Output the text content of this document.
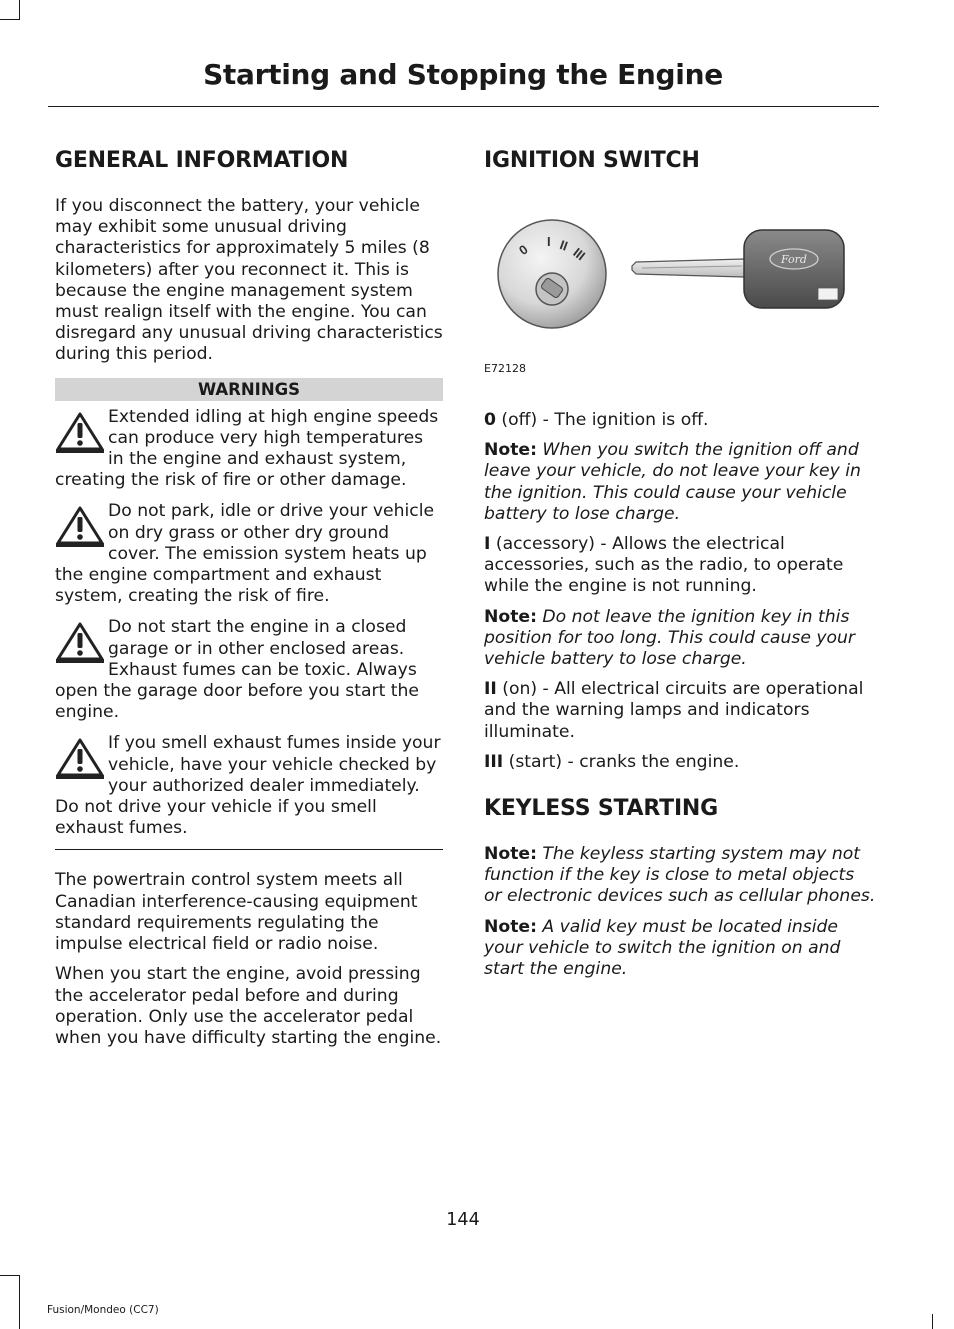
Starting and Stopping the Engine
GENERAL INFORMATION

If you disconnect the battery, your vehicle may exhibit some unusual driving characteristics for approximately 5 miles (8 kilometers) after you reconnect it. This is because the engine management system must realign itself with the engine. You can disregard any unusual driving characteristics during this period.

WARNINGS
Extended idling at high engine speeds can produce very high temperatures in the engine and exhaust system, creating the risk of fire or other damage.
Do not park, idle or drive your vehicle on dry grass or other dry ground cover. The emission system heats up the engine compartment and exhaust system, creating the risk of fire.
Do not start the engine in a closed garage or in other enclosed areas. Exhaust fumes can be toxic. Always open the garage door before you start the engine.
If you smell exhaust fumes inside your vehicle, have your vehicle checked by your authorized dealer immediately. Do not drive your vehicle if you smell exhaust fumes.

The powertrain control system meets all Canadian interference-causing equipment standard requirements regulating the impulse electrical field or radio noise.

When you start the engine, avoid pressing the accelerator pedal before and during operation. Only use the accelerator pedal when you have difficulty starting the engine.

IGNITION SWITCH
0
I II III	Ford
E72128

0 (off) - The ignition is off.

Note: When you switch the ignition off and leave your vehicle, do not leave your key in the ignition. This could cause your vehicle battery to lose charge.

I (accessory) - Allows the electrical accessories, such as the radio, to operate while the engine is not running.

Note: Do not leave the ignition key in this position for too long. This could cause your vehicle battery to lose charge.

II (on) - All electrical circuits are operational and the warning lamps and indicators illuminate.

III (start) - cranks the engine.

KEYLESS STARTING

Note: The keyless starting system may not function if the key is close to metal objects or electronic devices such as cellular phones.

Note: A valid key must be located inside your vehicle to switch the ignition on and start the engine.

144
Fusion/Mondeo (CC7)
